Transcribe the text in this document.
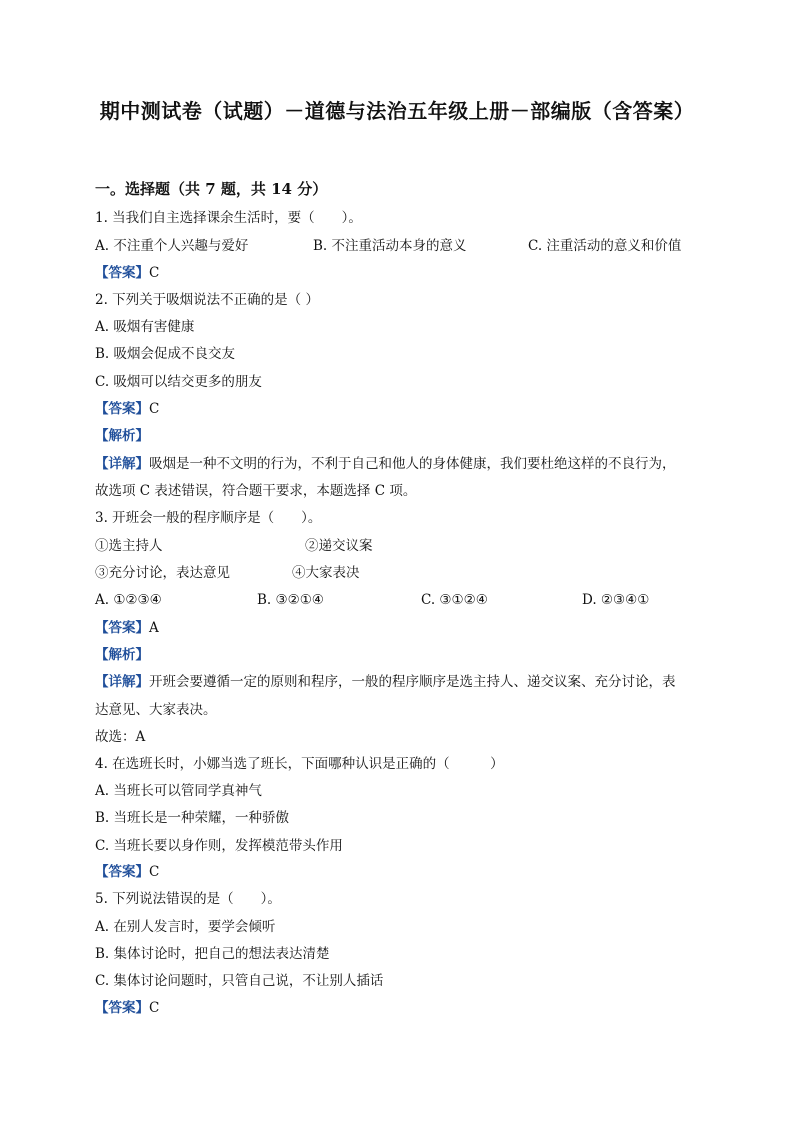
期中测试卷（试题）－道德与法治五年级上册－部编版（含答案）
一。选择题（共 7 题，共 14 分）
1. 当我们自主选择课余生活时，要（　　）。
A. 不注重个人兴趣与爱好	B. 不注重活动本身的意义	C. 注重活动的意义和价值
【答案】C
2. 下列关于吸烟说法不正确的是（ ）
A. 吸烟有害健康
B. 吸烟会促成不良交友
C. 吸烟可以结交更多的朋友
【答案】C
【解析】
【详解】吸烟是一种不文明的行为，不利于自己和他人的身体健康，我们要杜绝这样的不良行为，
故选项 C 表述错误，符合题干要求，本题选择 C 项。
3. 开班会一般的程序顺序是（　　）。
①选主持人	②递交议案
③充分讨论，表达意见	④大家表决
A. ①②③④	B. ③②①④	C. ③①②④	D. ②③④①
【答案】A
【解析】
【详解】开班会要遵循一定的原则和程序，一般的程序顺序是选主持人、递交议案、充分讨论，表
达意见、大家表决。
故选：A
4. 在选班长时，小娜当选了班长，下面哪种认识是正确的（　　　）
A. 当班长可以管同学真神气
B. 当班长是一种荣耀，一种骄傲
C. 当班长要以身作则，发挥模范带头作用
【答案】C
5. 下列说法错误的是（　　）。
A. 在别人发言时，要学会倾听
B. 集体讨论时，把自己的想法表达清楚
C. 集体讨论问题时，只管自己说，不让别人插话
【答案】C
